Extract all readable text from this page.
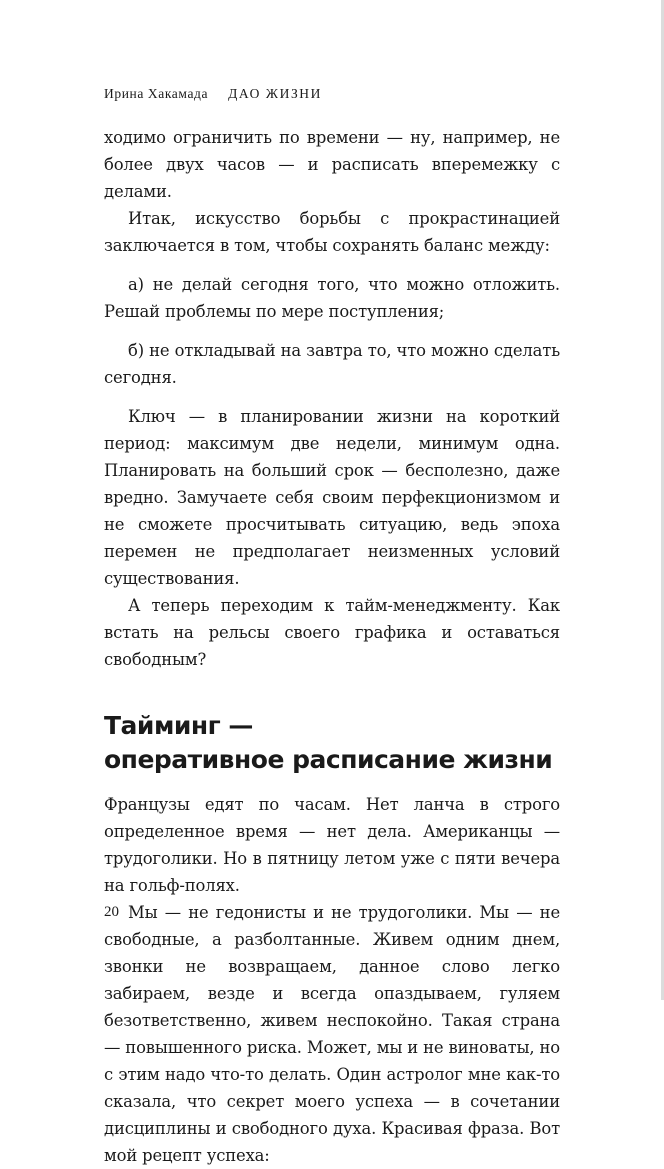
Ирина Хакамада ДАО ЖИЗНИ

ходимо ограничить по времени — ну, например, не более двух часов — и расписать вперемежку с делами.

Итак, искусство борьбы с прокрастинацией заключается в том, чтобы сохранять баланс между:

а) не делай сегодня того, что можно отложить. Решай проблемы по мере поступления;

б) не откладывай на завтра то, что можно сделать сегодня.

Ключ — в планировании жизни на короткий период: максимум две недели, минимум одна. Планировать на больший срок — бесполезно, даже вредно. Замучаете себя своим перфекционизмом и не сможете просчитывать ситуацию, ведь эпоха перемен не предполагает неизменных условий существования.

А теперь переходим к тайм-менеджменту. Как встать на рельсы своего графика и оставаться свободным?

Тайминг —
оперативное расписание жизни

Французы едят по часам. Нет ланча в строго определенное время — нет дела. Американцы — трудоголики. Но в пятницу летом уже с пяти вечера на гольф-полях.

Мы — не гедонисты и не трудоголики. Мы — не свободные, а разболтанные. Живем одним днем, звонки не возвращаем, данное слово легко забираем, везде и всегда опаздываем, гуляем безответственно, живем неспокойно. Такая страна — повышенного риска. Может, мы и не виноваты, но с этим надо что-то делать. Один астролог мне как-то сказала, что секрет моего успеха — в сочетании дисциплины и свободного духа. Красивая фраза. Вот мой рецепт успеха:

20
